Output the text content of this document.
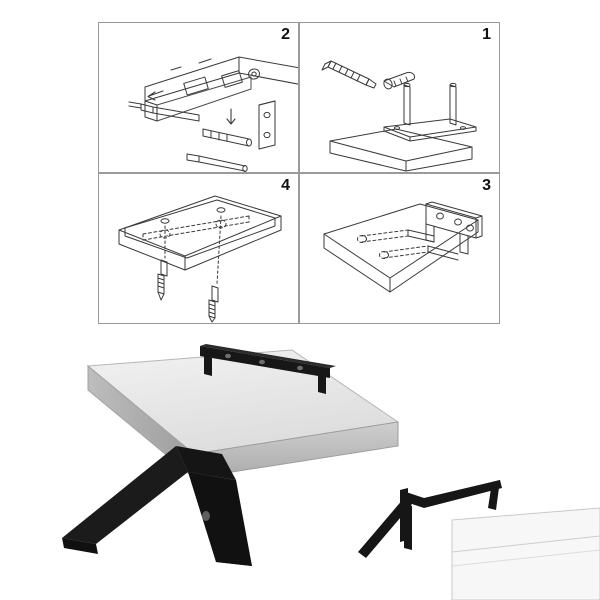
2	1
4	3
